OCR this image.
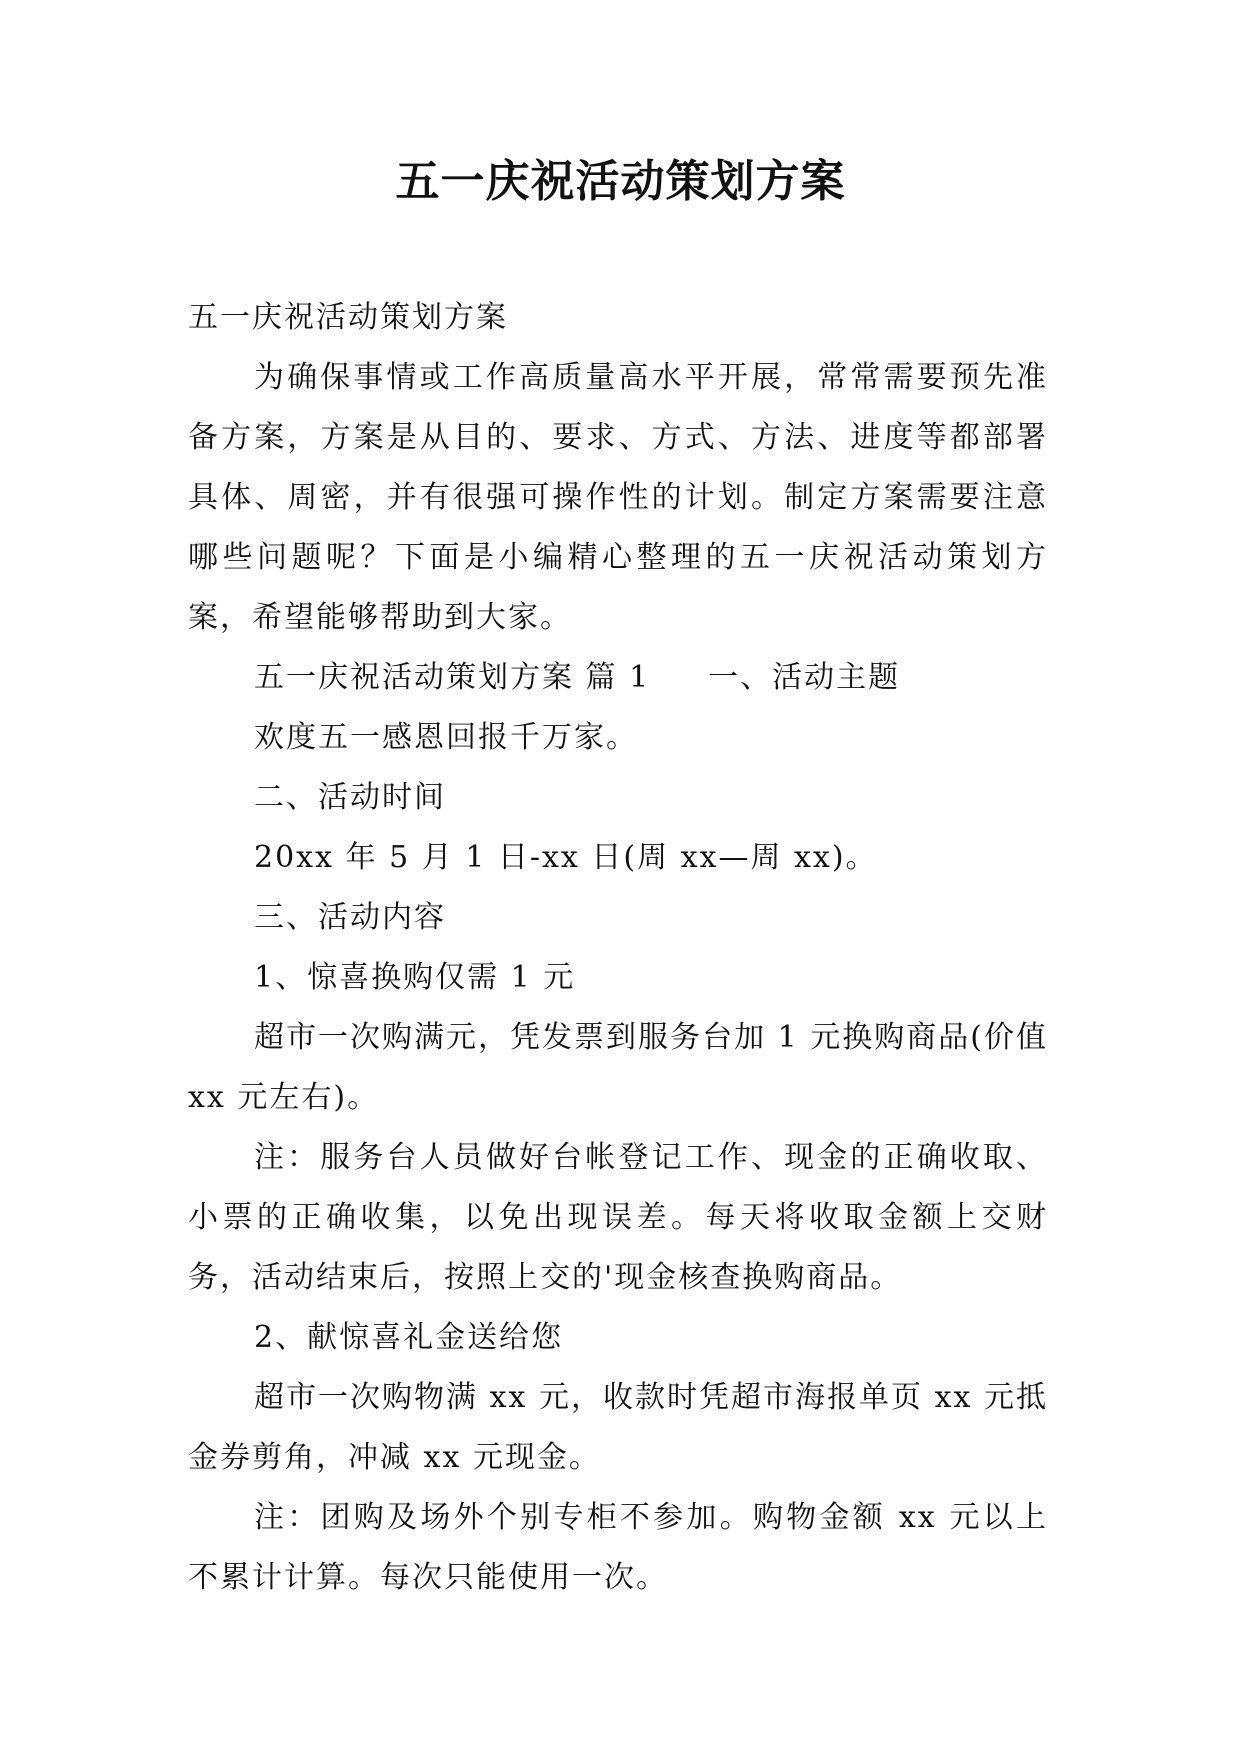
五一庆祝活动策划方案

五一庆祝活动策划方案

为确保事情或工作高质量高水平开展，常常需要预先准备方案，方案是从目的、要求、方式、方法、进度等都部署具体、周密，并有很强可操作性的计划。制定方案需要注意哪些问题呢？下面是小编精心整理的五一庆祝活动策划方案，希望能够帮助到大家。

五一庆祝活动策划方案 篇 1 一、活动主题

欢度五一感恩回报千万家。

二、活动时间

20xx 年 5 月 1 日-xx 日(周 xx—周 xx)。

三、活动内容

1、惊喜换购仅需 1 元

超市一次购满元，凭发票到服务台加 1 元换购商品(价值 xx 元左右)。

注：服务台人员做好台帐登记工作、现金的正确收取、小票的正确收集，以免出现误差。每天将收取金额上交财务，活动结束后，按照上交的'现金核查换购商品。

2、献惊喜礼金送给您

超市一次购物满 xx 元，收款时凭超市海报单页 xx 元抵金券剪角，冲减 xx 元现金。

注：团购及场外个别专柜不参加。购物金额 xx 元以上不累计计算。每次只能使用一次。
